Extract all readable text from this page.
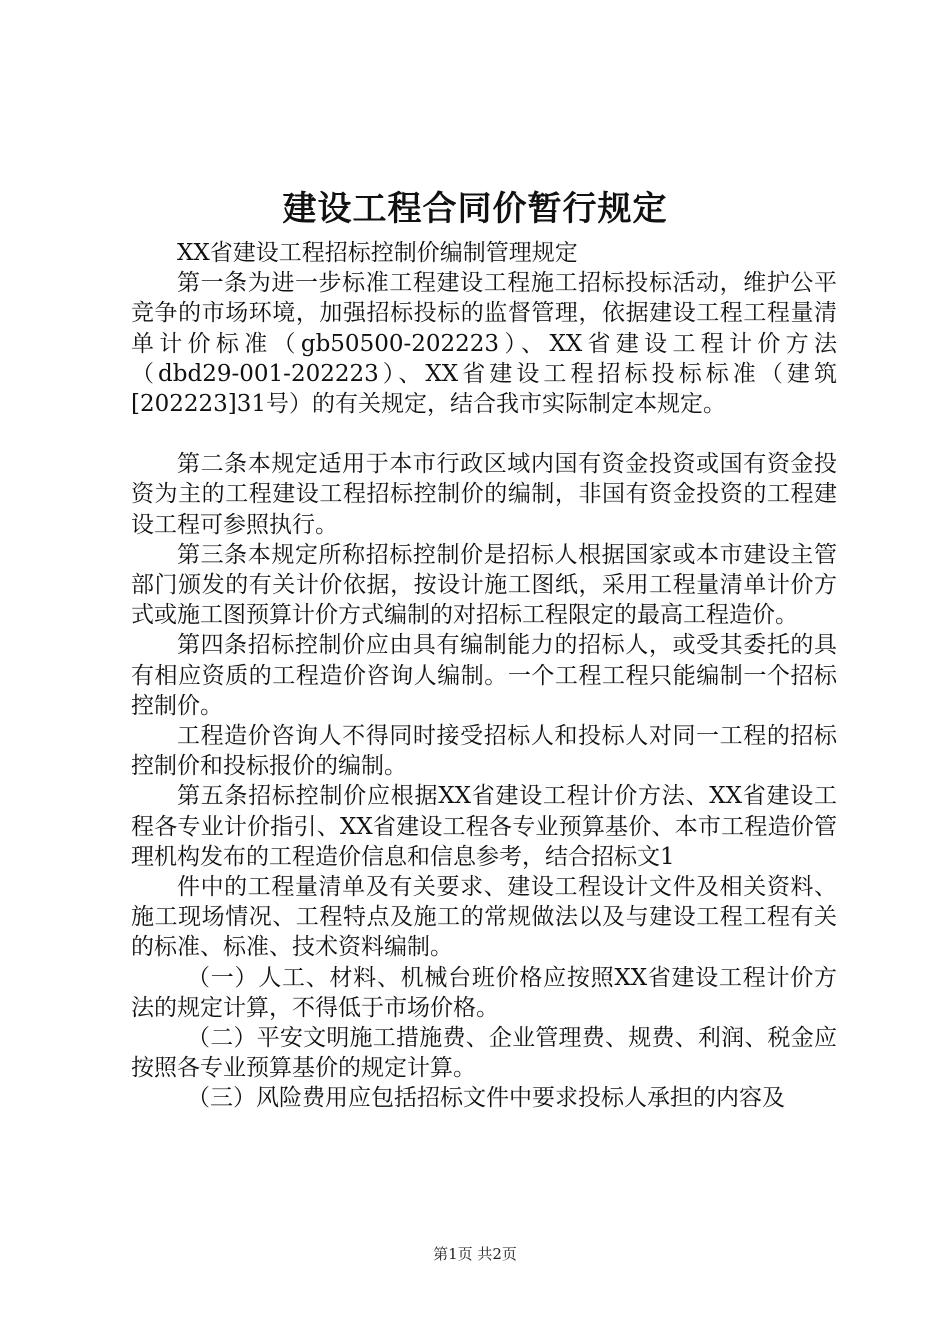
建设工程合同价暂行规定

XX省建设工程招标控制价编制管理规定

第一条为进一步标准工程建设工程施工招标投标活动，维护公平竞争的市场环境，加强招标投标的监督管理，依据建设工程工程量清单计价标准（gb50500-202223）、XX省建设工程计价方法（dbd29-001-202223）、XX省建设工程招标投标标准（建筑[202223]31号）的有关规定，结合我市实际制定本规定。

第二条本规定适用于本市行政区域内国有资金投资或国有资金投资为主的工程建设工程招标控制价的编制，非国有资金投资的工程建设工程可参照执行。

第三条本规定所称招标控制价是招标人根据国家或本市建设主管部门颁发的有关计价依据，按设计施工图纸，采用工程量清单计价方式或施工图预算计价方式编制的对招标工程限定的最高工程造价。

第四条招标控制价应由具有编制能力的招标人，或受其委托的具有相应资质的工程造价咨询人编制。一个工程工程只能编制一个招标控制价。

工程造价咨询人不得同时接受招标人和投标人对同一工程的招标控制价和投标报价的编制。

第五条招标控制价应根据XX省建设工程计价方法、XX省建设工程各专业计价指引、XX省建设工程各专业预算基价、本市工程造价管理机构发布的工程造价信息和信息参考，结合招标文1

件中的工程量清单及有关要求、建设工程设计文件及相关资料、施工现场情况、工程特点及施工的常规做法以及与建设工程工程有关的标准、标准、技术资料编制。

（一）人工、材料、机械台班价格应按照XX省建设工程计价方法的规定计算，不得低于市场价格。

（二）平安文明施工措施费、企业管理费、规费、利润、税金应按照各专业预算基价的规定计算。

（三）风险费用应包括招标文件中要求投标人承担的内容及

第1页 共2页
